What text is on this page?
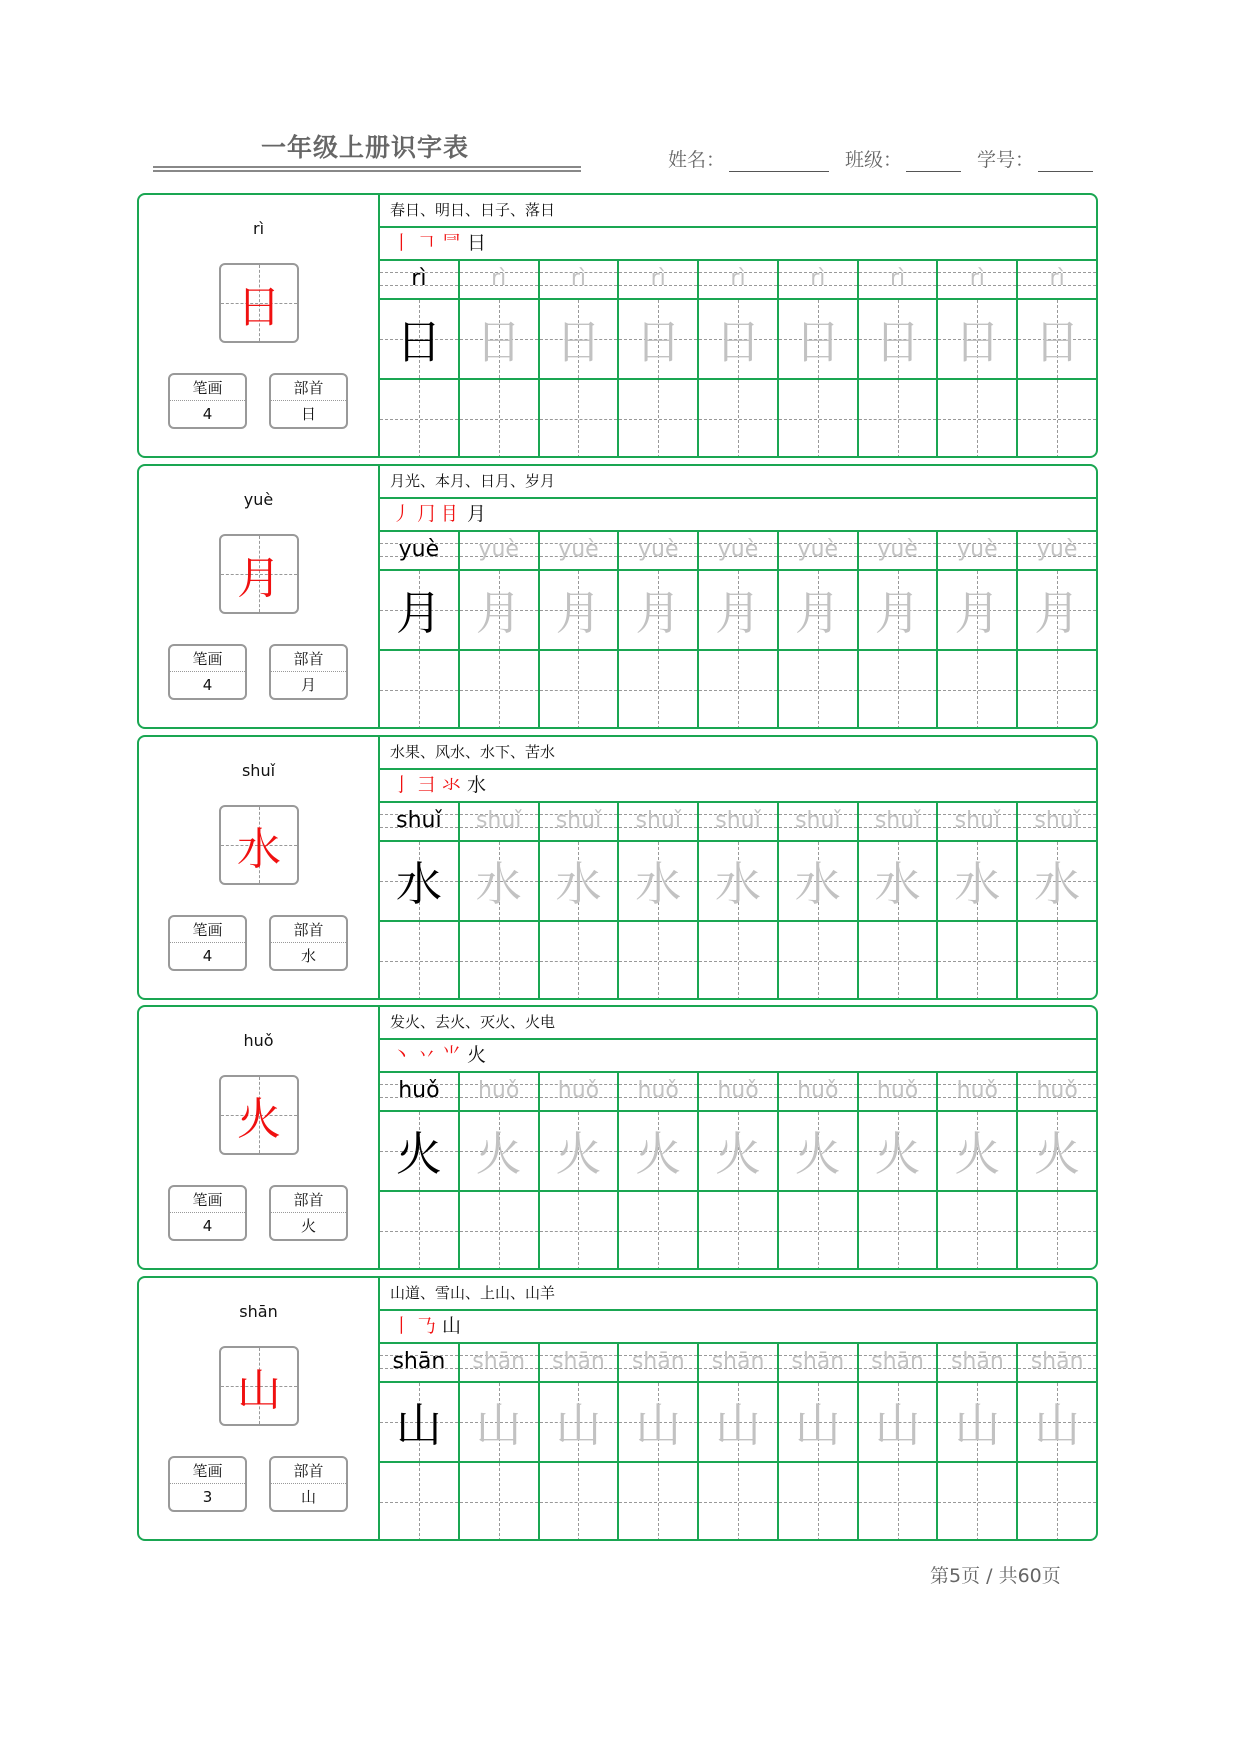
一年级上册识字表	姓名：	班级：	学号：
rì
日
笔画
4
部首
日
春日、明日、日子、落日
丨 𠃍 ⺜ 日
rì	rì	rì	rì	rì	rì	rì	rì	rì
日 日 日 日 日 日 日 日 日
yuè
月
笔画
4
部首
月
月光、本月、日月、岁月
丿 ⺆ ⺝ 月
yuè	yuè	yuè	yuè	yuè	yuè	yuè	yuè	yuè
月 月 月 月 月 月 月 月 月
shuǐ
水
笔画
4
部首
水
水果、风水、水下、苦水
亅 ⺕ 氺 水
shuǐ	shuǐ	shuǐ	shuǐ	shuǐ	shuǐ	shuǐ	shuǐ	shuǐ
水 水 水 水 水 水 水 水 水
huǒ
火
笔画
4
部首
火
发火、去火、灭火、火电
丶 丷 ⺌ 火
huǒ	huǒ	huǒ	huǒ	huǒ	huǒ	huǒ	huǒ	huǒ
火 火 火 火 火 火 火 火 火
shān
山
笔画
3
部首
山
山道、雪山、上山、山羊
丨 𠄎 山
shān	shān	shān	shān	shān	shān	shān	shān	shān
山 山 山 山 山 山 山 山 山
第5页 / 共60页
